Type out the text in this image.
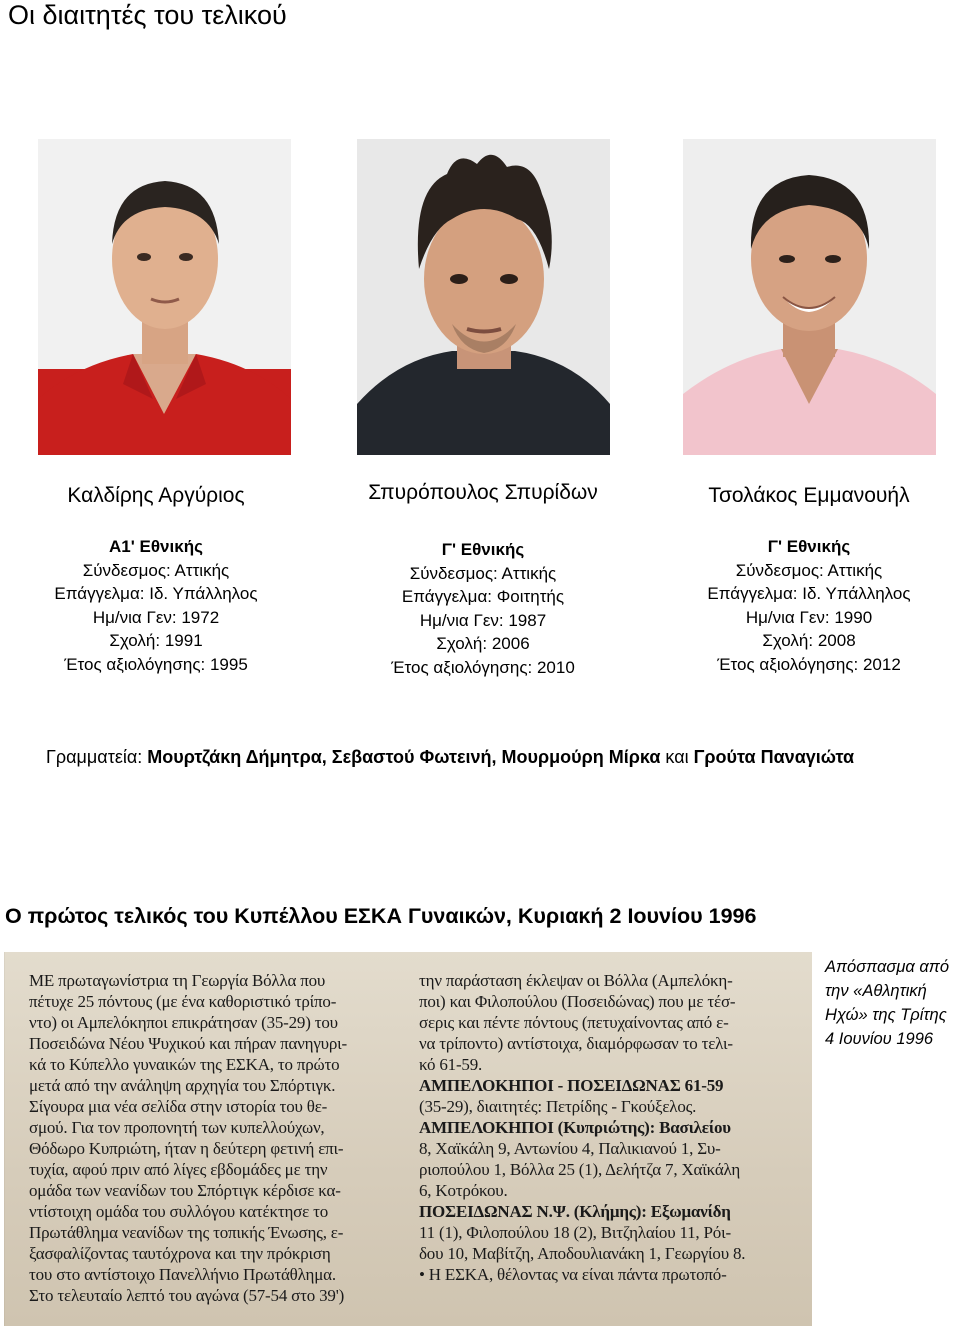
Οι διαιτητές του τελικού
Καλδίρης Αργύριος	Σπυρόπουλος Σπυρίδων	Τσολάκος Εμμανουήλ
A1' Εθνικής
Σύνδεσμος: Αττικής
Επάγγελμα: Ιδ. Υπάλληλος
Ημ/νια Γεν: 1972
Σχολή: 1991
Έτος αξιολόγησης: 1995
Γ' Εθνικής
Σύνδεσμος: Αττικής
Επάγγελμα: Φοιτητής
Ημ/νια Γεν: 1987
Σχολή: 2006
Έτος αξιολόγησης: 2010
Γ' Εθνικής
Σύνδεσμος: Αττικής
Επάγγελμα: Ιδ. Υπάλληλος
Ημ/νια Γεν: 1990
Σχολή: 2008
Έτος αξιολόγησης: 2012
Γραμματεία: Μουρτζάκη Δήμητρα, Σεβαστού Φωτεινή, Μουρμούρη Μίρκα και Γρούτα Παναγιώτα
Ο πρώτος τελικός του Κυπέλλου ΕΣΚΑ Γυναικών, Κυριακή 2 Ιουνίου 1996
ΜΕ πρωταγωνίστρια τη Γεωργία Βόλλα που
πέτυχε 25 πόντους (με ένα καθοριστικό τρίπο-
ντο) οι Αμπελόκηποι επικράτησαν (35-29) του
Ποσειδώνα Νέου Ψυχικού και πήραν πανηγυρι-
κά το Κύπελλο γυναικών της ΕΣΚΑ, το πρώτο
μετά από την ανάληψη αρχηγία του Σπόρτιγκ.
Σίγουρα μια νέα σελίδα στην ιστορία του θε-
σμού. Για τον προπονητή των κυπελλούχων,
Θόδωρο Κυπριώτη, ήταν η δεύτερη φετινή επι-
τυχία, αφού πριν από λίγες εβδομάδες με την
ομάδα των νεανίδων του Σπόρτιγκ κέρδισε κα-
ντίστοιχη ομάδα του συλλόγου κατέκτησε το
Πρωτάθλημα νεανίδων της τοπικής Ένωσης, ε-
ξασφαλίζοντας ταυτόχρονα και την πρόκριση
του στο αντίστοιχο Πανελλήνιο Πρωτάθλημα.
Στο τελευταίο λεπτό του αγώνα (57-54 στο 39')
την παράσταση έκλεψαν οι Βόλλα (Αμπελόκη-
ποι) και Φιλοπούλου (Ποσειδώνας) που με τέσ-
σερις και πέντε πόντους (πετυχαίνοντας από ε-
να τρίποντο) αντίστοιχα, διαμόρφωσαν το τελι-
κό 61-59.
ΑΜΠΕΛΟΚΗΠΟΙ - ΠΟΣΕΙΔΩΝΑΣ 61-59
(35-29), διαιτητές: Πετρίδης - Γκούξελος.
ΑΜΠΕΛΟΚΗΠΟΙ (Κυπριώτης): Βασιλείου
8, Χαϊκάλη 9, Αντωνίου 4, Παλικιανού 1, Συ-
ριοπούλου 1, Βόλλα 25 (1), Δελήτζα 7, Χαϊκάλη
6, Κοτρόκου.
ΠΟΣΕΙΔΩΝΑΣ Ν.Ψ. (Κλήμης): Εξωμανίδη
11 (1), Φιλοπούλου 18 (2), Βιτζηλαίου 11, Ρόι-
δου 10, Μαβίτζη, Αποδουλιανάκη 1, Γεωργίου 8.
• Η ΕΣΚΑ, θέλοντας να είναι πάντα πρωτοπό-
Απόσπασμα από
την «Αθλητική
Ηχώ» της Τρίτης
4 Ιουνίου 1996
